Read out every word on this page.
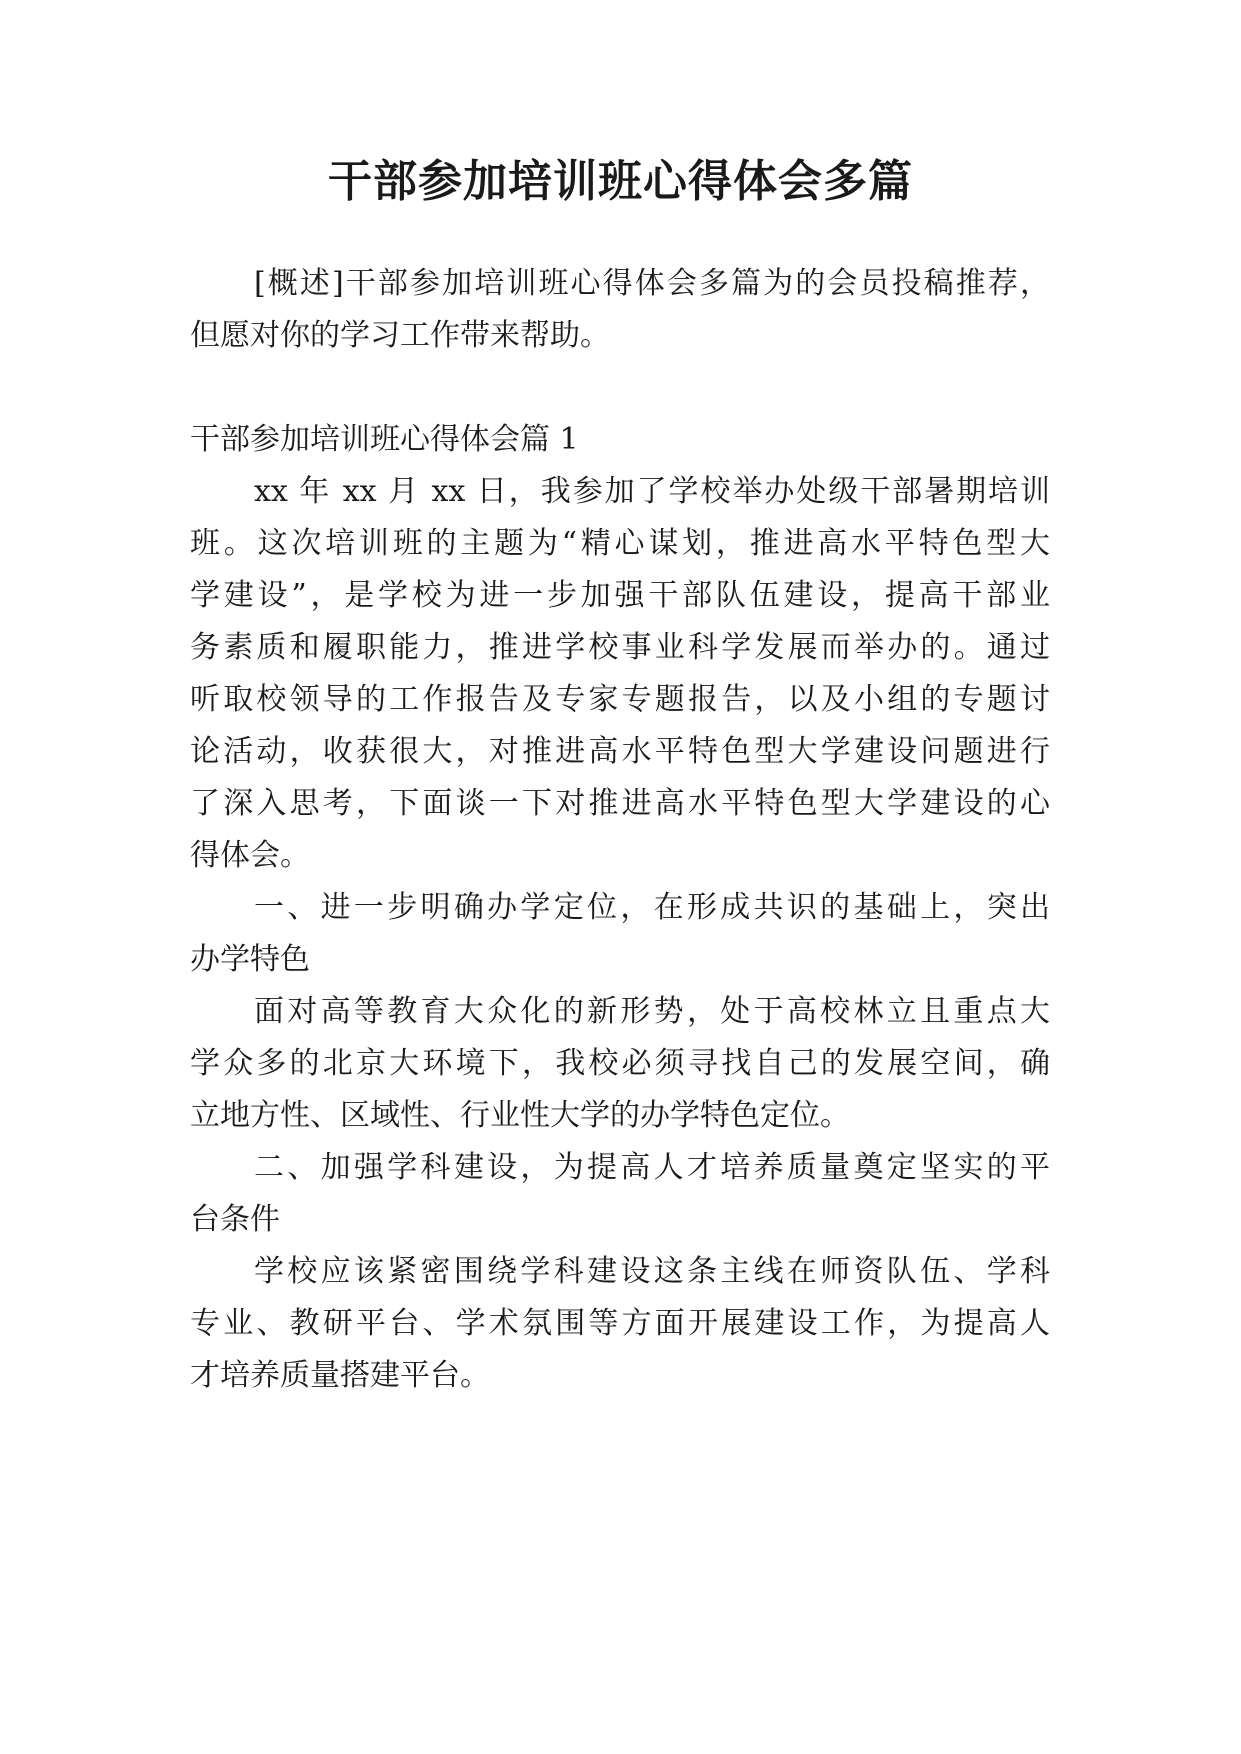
干部参加培训班心得体会多篇
[概述]干部参加培训班心得体会多篇为的会员投稿推荐，
但愿对你的学习工作带来帮助。
干部参加培训班心得体会篇 1
xx 年 xx 月 xx 日，我参加了学校举办处级干部暑期培训
班。这次培训班的主题为“精心谋划，推进高水平特色型大
学建设”，是学校为进一步加强干部队伍建设，提高干部业
务素质和履职能力，推进学校事业科学发展而举办的。通过
听取校领导的工作报告及专家专题报告，以及小组的专题讨
论活动，收获很大，对推进高水平特色型大学建设问题进行
了深入思考，下面谈一下对推进高水平特色型大学建设的心
得体会。
一、进一步明确办学定位，在形成共识的基础上，突出
办学特色
面对高等教育大众化的新形势，处于高校林立且重点大
学众多的北京大环境下，我校必须寻找自己的发展空间，确
立地方性、区域性、行业性大学的办学特色定位。
二、加强学科建设，为提高人才培养质量奠定坚实的平
台条件
学校应该紧密围绕学科建设这条主线在师资队伍、学科
专业、教研平台、学术氛围等方面开展建设工作，为提高人
才培养质量搭建平台。
